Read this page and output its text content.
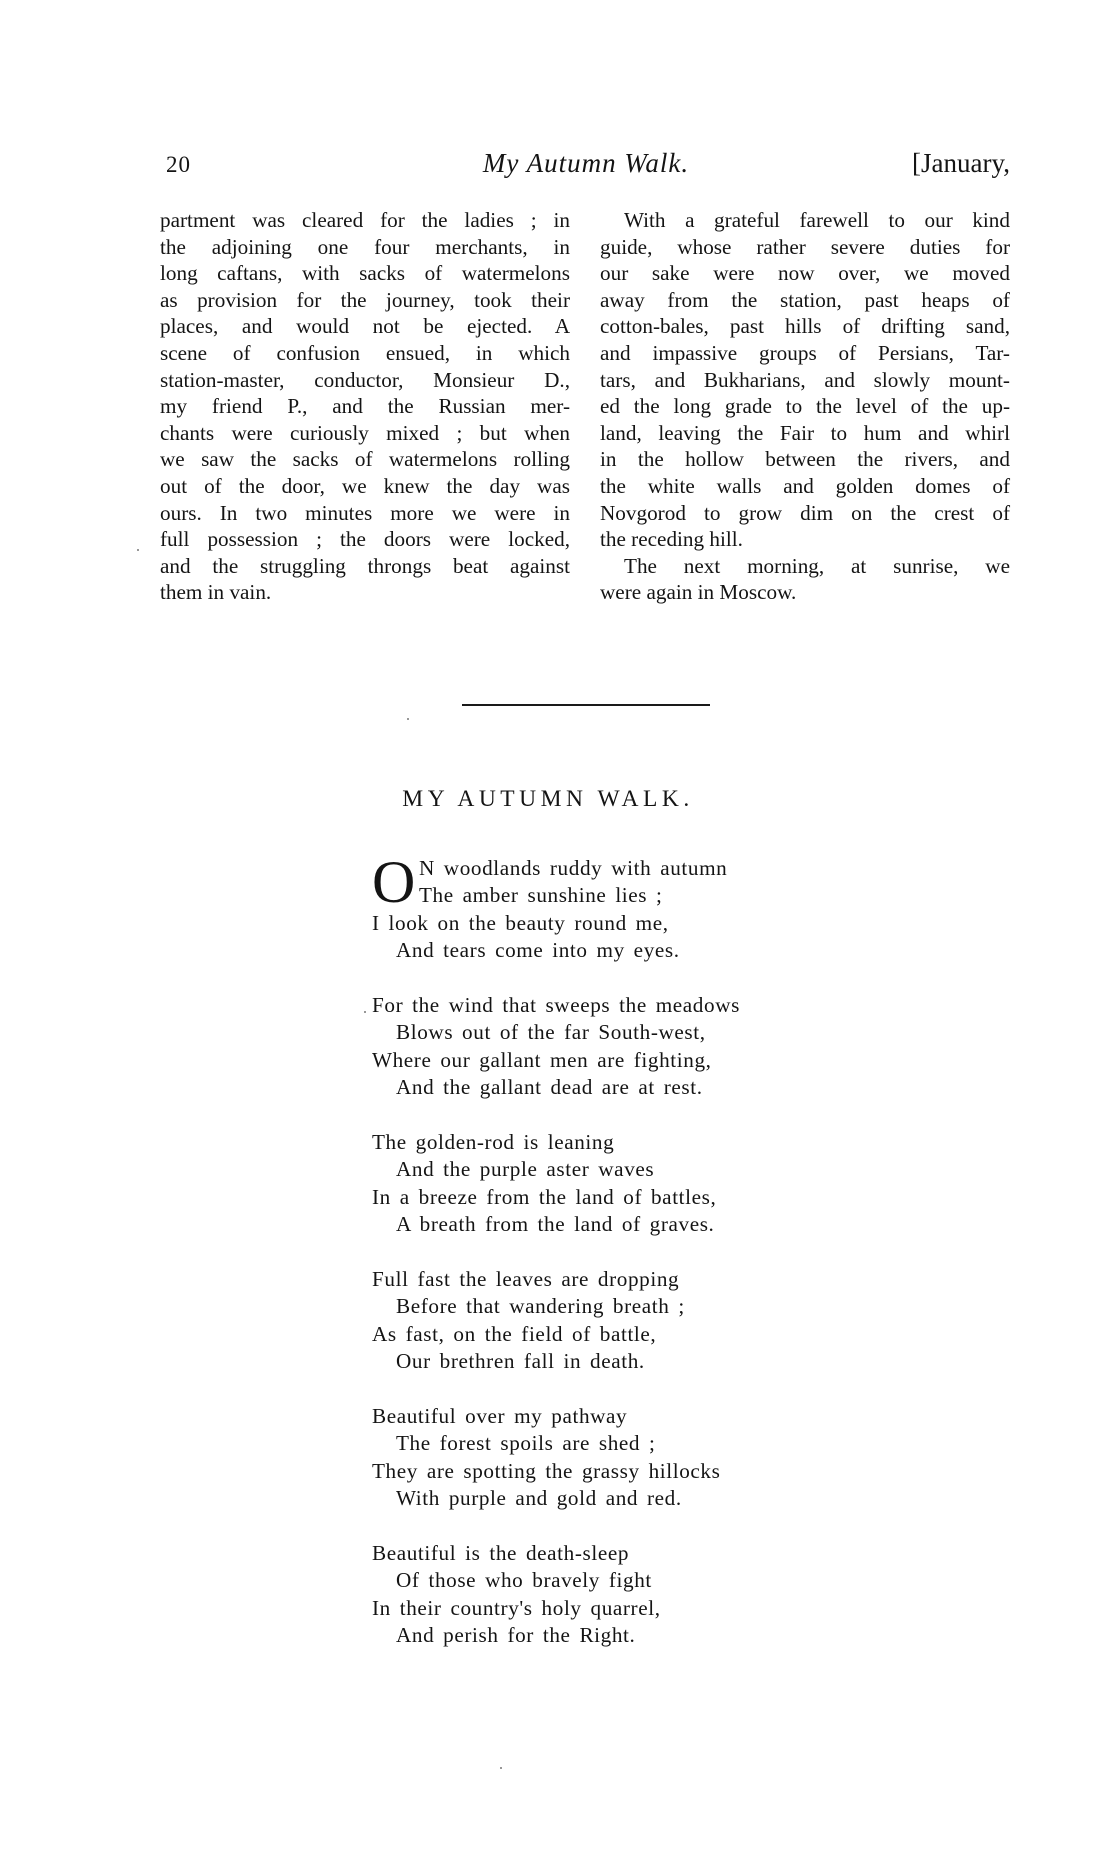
20	My Autumn Walk.	[January,
partment was cleared for the ladies ; in
the adjoining one four merchants, in
long caftans, with sacks of watermelons
as provision for the journey, took their
places, and would not be ejected. A
scene of confusion ensued, in which
station-master, conductor, Monsieur D.,
my friend P., and the Russian mer-
chants were curiously mixed ; but when
we saw the sacks of watermelons rolling
out of the door, we knew the day was
ours. In two minutes more we were in
full possession ; the doors were locked,
and the struggling throngs beat against
them in vain.
With a grateful farewell to our kind
guide, whose rather severe duties for
our sake were now over, we moved
away from the station, past heaps of
cotton-bales, past hills of drifting sand,
and impassive groups of Persians, Tar-
tars, and Bukharians, and slowly mount-
ed the long grade to the level of the up-
land, leaving the Fair to hum and whirl
in the hollow between the rivers, and
the white walls and golden domes of
Novgorod to grow dim on the crest of
the receding hill.
The next morning, at sunrise, we
were again in Moscow.
MY AUTUMN WALK.
O N woodlands ruddy with autumn
The amber sunshine lies ;
I look on the beauty round me,
And tears come into my eyes.
For the wind that sweeps the meadows
Blows out of the far South-west,
Where our gallant men are fighting,
And the gallant dead are at rest.
The golden-rod is leaning
And the purple aster waves
In a breeze from the land of battles,
A breath from the land of graves.
Full fast the leaves are dropping
Before that wandering breath ;
As fast, on the field of battle,
Our brethren fall in death.
Beautiful over my pathway
The forest spoils are shed ;
They are spotting the grassy hillocks
With purple and gold and red.
Beautiful is the death-sleep
Of those who bravely fight
In their country's holy quarrel,
And perish for the Right.
